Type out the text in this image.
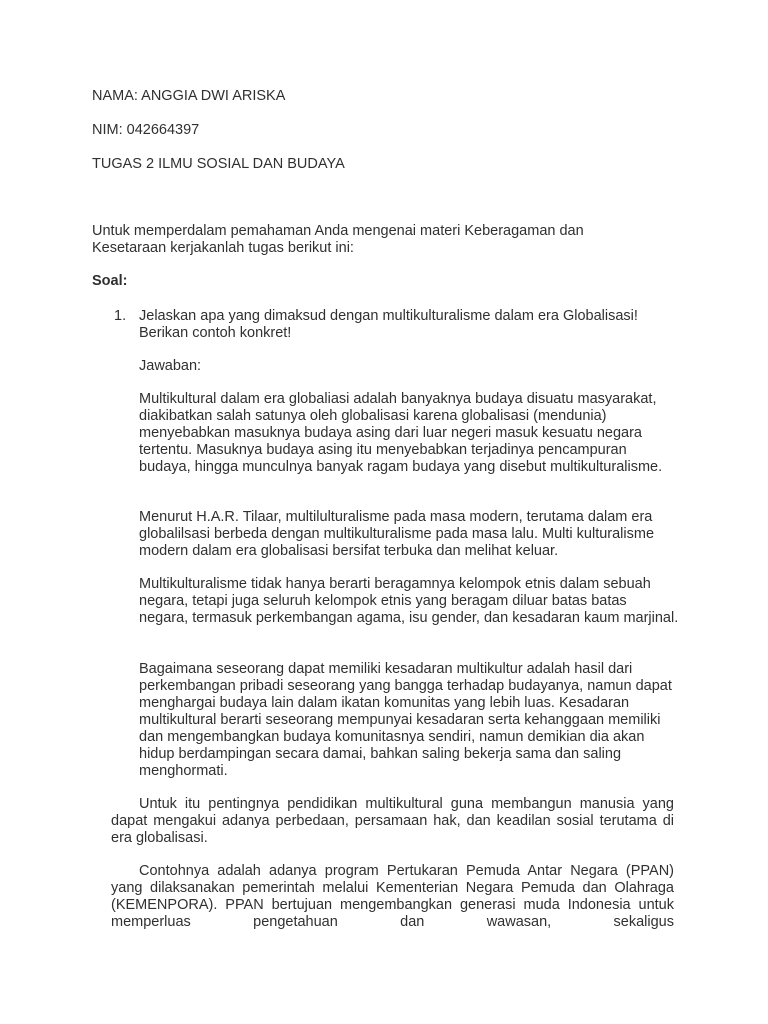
NAMA: ANGGIA DWI ARISKA

NIM: 042664397

TUGAS 2 ILMU SOSIAL DAN BUDAYA

Untuk memperdalam pemahaman Anda mengenai materi Keberagaman dan Kesetaraan kerjakanlah tugas berikut ini:

Soal:

1. Jelaskan apa yang dimaksud dengan multikulturalisme dalam era Globalisasi! Berikan contoh konkret!

Jawaban:

Multikultural dalam era globaliasi adalah banyaknya budaya disuatu masyarakat, diakibatkan salah satunya oleh globalisasi karena globalisasi (mendunia) menyebabkan masuknya budaya asing dari luar negeri masuk kesuatu negara tertentu. Masuknya budaya asing itu menyebabkan terjadinya pencampuran budaya, hingga munculnya banyak ragam budaya yang disebut multikulturalisme.

Menurut H.A.R. Tilaar, multilulturalisme pada masa modern, terutama dalam era globalilsasi berbeda dengan multikulturalisme pada masa lalu. Multi kulturalisme modern dalam era globalisasi bersifat terbuka dan melihat keluar.

Multikulturalisme tidak hanya berarti beragamnya kelompok etnis dalam sebuah negara, tetapi juga seluruh kelompok etnis yang beragam diluar batas batas negara, termasuk perkembangan agama, isu gender, dan kesadaran kaum marjinal.

Bagaimana seseorang dapat memiliki kesadaran multikultur adalah hasil dari perkembangan pribadi seseorang yang bangga terhadap budayanya, namun dapat menghargai budaya lain dalam ikatan komunitas yang lebih luas. Kesadaran multikultural berarti seseorang mempunyai kesadaran serta kehanggaan memiliki dan mengembangkan budaya komunitasnya sendiri, namun demikian dia akan hidup berdampingan secara damai, bahkan saling bekerja sama dan saling menghormati.

Untuk itu pentingnya pendidikan multikultural guna membangun manusia yang dapat mengakui adanya perbedaan, persamaan hak, dan keadilan sosial terutama di era globalisasi.

Contohnya adalah adanya program Pertukaran Pemuda Antar Negara (PPAN) yang dilaksanakan pemerintah melalui Kementerian Negara Pemuda dan Olahraga (KEMENPORA). PPAN bertujuan mengembangkan generasi muda Indonesia untuk memperluas pengetahuan dan wawasan, sekaligus
